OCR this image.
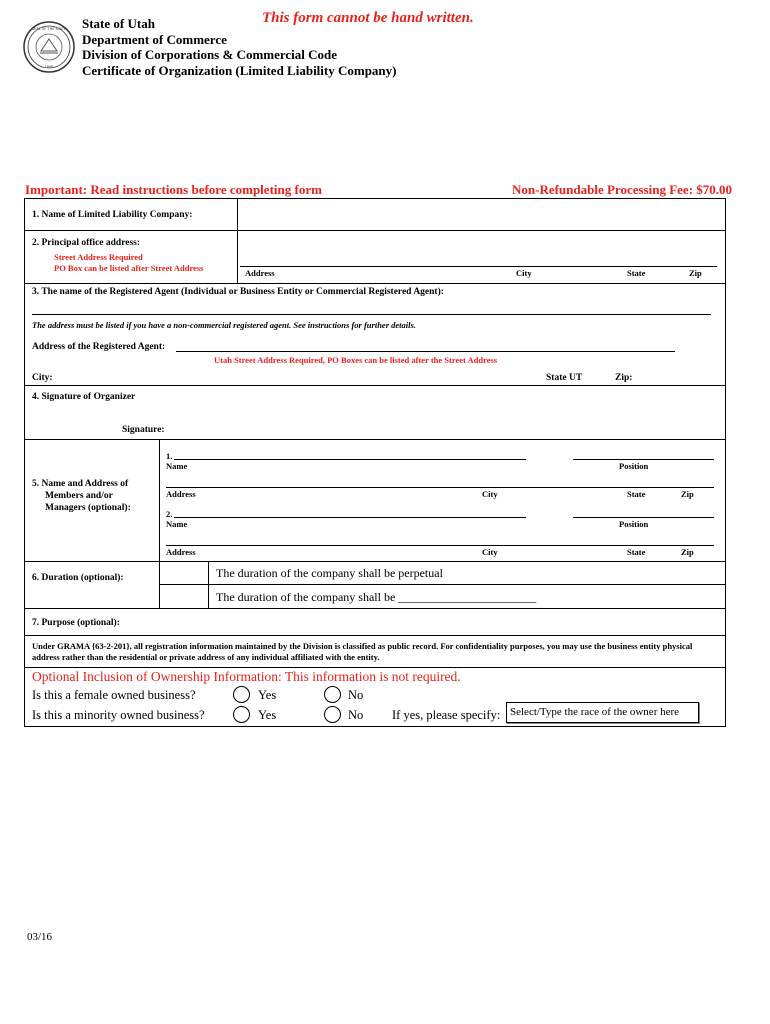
SEAL OF THE STATE
1896
State of Utah
Department of Commerce
Division of Corporations & Commercial Code
Certificate of Organization (Limited Liability Company)
This form cannot be hand written.
Important: Read instructions before completing form	Non-Refundable Processing Fee: $70.00
1. Name of Limited Liability Company:
2. Principal office address:
Street Address Required
PO Box can be listed after Street Address	Address	City	State	Zip
3. The name of the Registered Agent (Individual or Business Entity or Commercial Registered Agent):
The address must be listed if you have a non-commercial registered agent. See instructions for further details.
Address of the Registered Agent:
Utah Street Address Required, PO Boxes can be listed after the Street Address
City:	State UT	Zip:
4. Signature of Organizer
Signature:
5. Name and Address of
Members and/or
Managers (optional):
1.
Name	Position
Address	City	State	Zip
2.
Name	Position
Address	City	State	Zip
6. Duration (optional):	The duration of the company shall be perpetual
The duration of the company shall be _______________________
7. Purpose (optional):
Under GRAMA {63-2-201}, all registration information maintained by the Division is classified as public record. For confidentiality purposes, you may use the business entity physical address rather than the residential or private address of any individual affiliated with the entity.
Optional Inclusion of Ownership Information: This information is not required.
Is this a female owned business?
Is this a minority owned business?
Yes	No
Yes	No If yes, please specify: Select/Type the race of the owner here
03/16
